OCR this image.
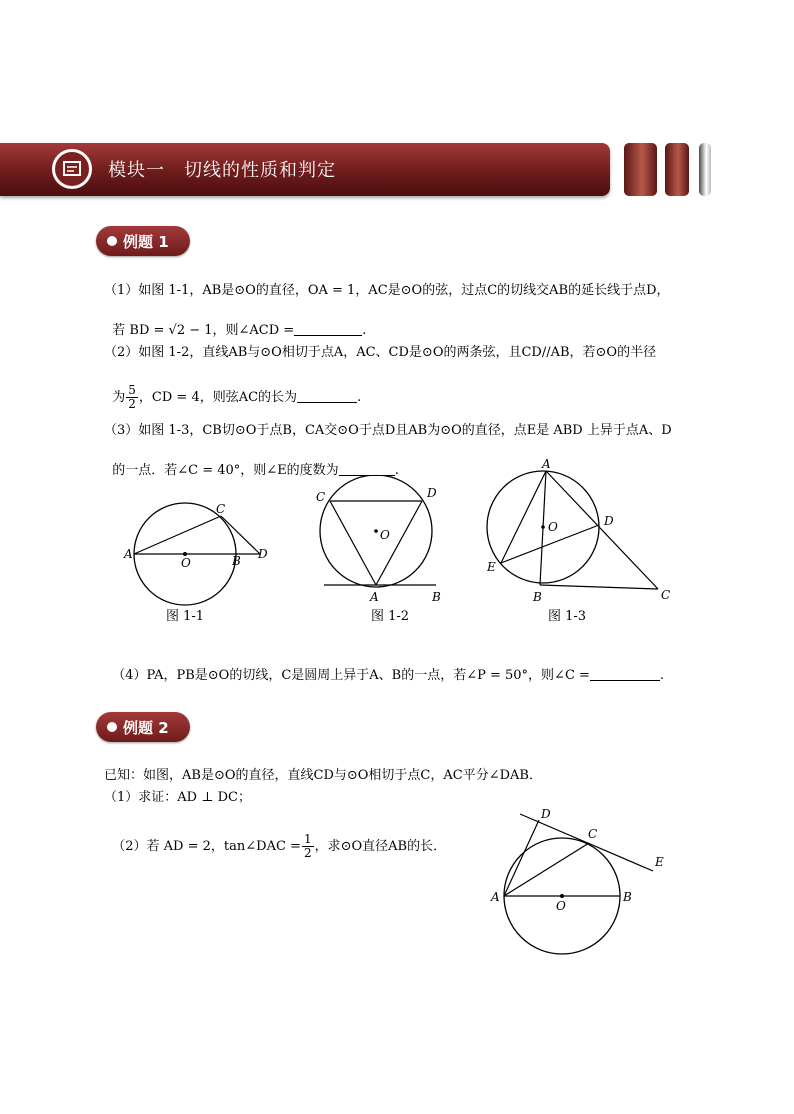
模块一　切线的性质和判定
例题 1
（1）如图 1-1，AB是⊙O的直径，OA = 1，AC是⊙O的弦，过点C的切线交AB的延长线于点D，

若 BD = √2 − 1，则∠ACD =	.

（2）如图 1-2，直线AB与⊙O相切于点A，AC、CD是⊙O的两条弦，且CD//AB，若⊙O的半径

为 $\frac{5}{2}$ ，CD = 4，则弦AC的长为	.

（3）如图 1-3，CB切⊙O于点B，CA交⊙O于点D且AB为⊙O的直径，点E是 ABD 上异于点A、D

的一点．若∠C = 40°，则∠E的度数为	.

A
O	B
C
D
图 1-1
C	D
O
A	B
图 1-2
A
O	D
E
B	C
图 1-3

（4）PA，PB是⊙O的切线，C是圆周上异于A、B的一点，若∠P = 50°，则∠C =	.

例题 2
已知：如图，AB是⊙O的直径，直线CD与⊙O相切于点C，AC平分∠DAB．
（1）求证：AD ⊥ DC；

（2）若 AD = 2，tan∠DAC = $\frac{1}{2}$ ，求⊙O直径AB的长．

D
C
E
A
O
B
